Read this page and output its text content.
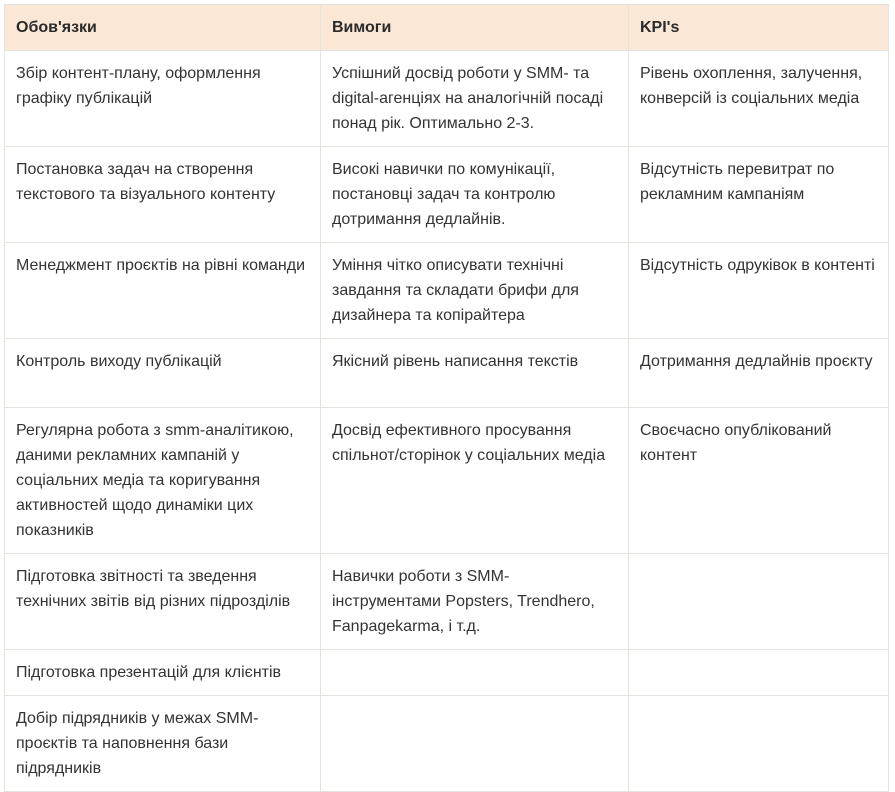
Обов'язки	Вимоги	KPI's
Збір контент-плану, оформлення графіку публікацій	Успішний досвід роботи у SMM- та digital-агенціях на аналогічній посаді понад рік. Оптимально 2-3.	Рівень охоплення, залучення, конверсій із соціальних медіа
Постановка задач на створення текстового та візуального контенту	Високі навички по комунікації, постановці задач та контролю дотримання дедлайнів.	Відсутність перевитрат по рекламним кампаніям
Менеджмент проєктів на рівні команди	Уміння чітко описувати технічні завдання та складати брифи для дизайнера та копірайтера	Відсутність одруківок в контенті
Контроль виходу публікацій	Якісний рівень написання текстів	Дотримання дедлайнів проєкту
Регулярна робота з smm-аналітикою, даними рекламних кампаній у соціальних медіа та коригування активностей щодо динаміки цих показників	Досвід ефективного просування спільнот/сторінок у соціальних медіа	Своєчасно опублікований контент
Підготовка звітності та зведення технічних звітів від різних підрозділів	Навички роботи з SMM-інструментами Popsters, Trendhero, Fanpagekarma, і т.д.	
Підготовка презентацій для клієнтів		
Добір підрядників у межах SMM-проєктів та наповнення бази підрядників		
